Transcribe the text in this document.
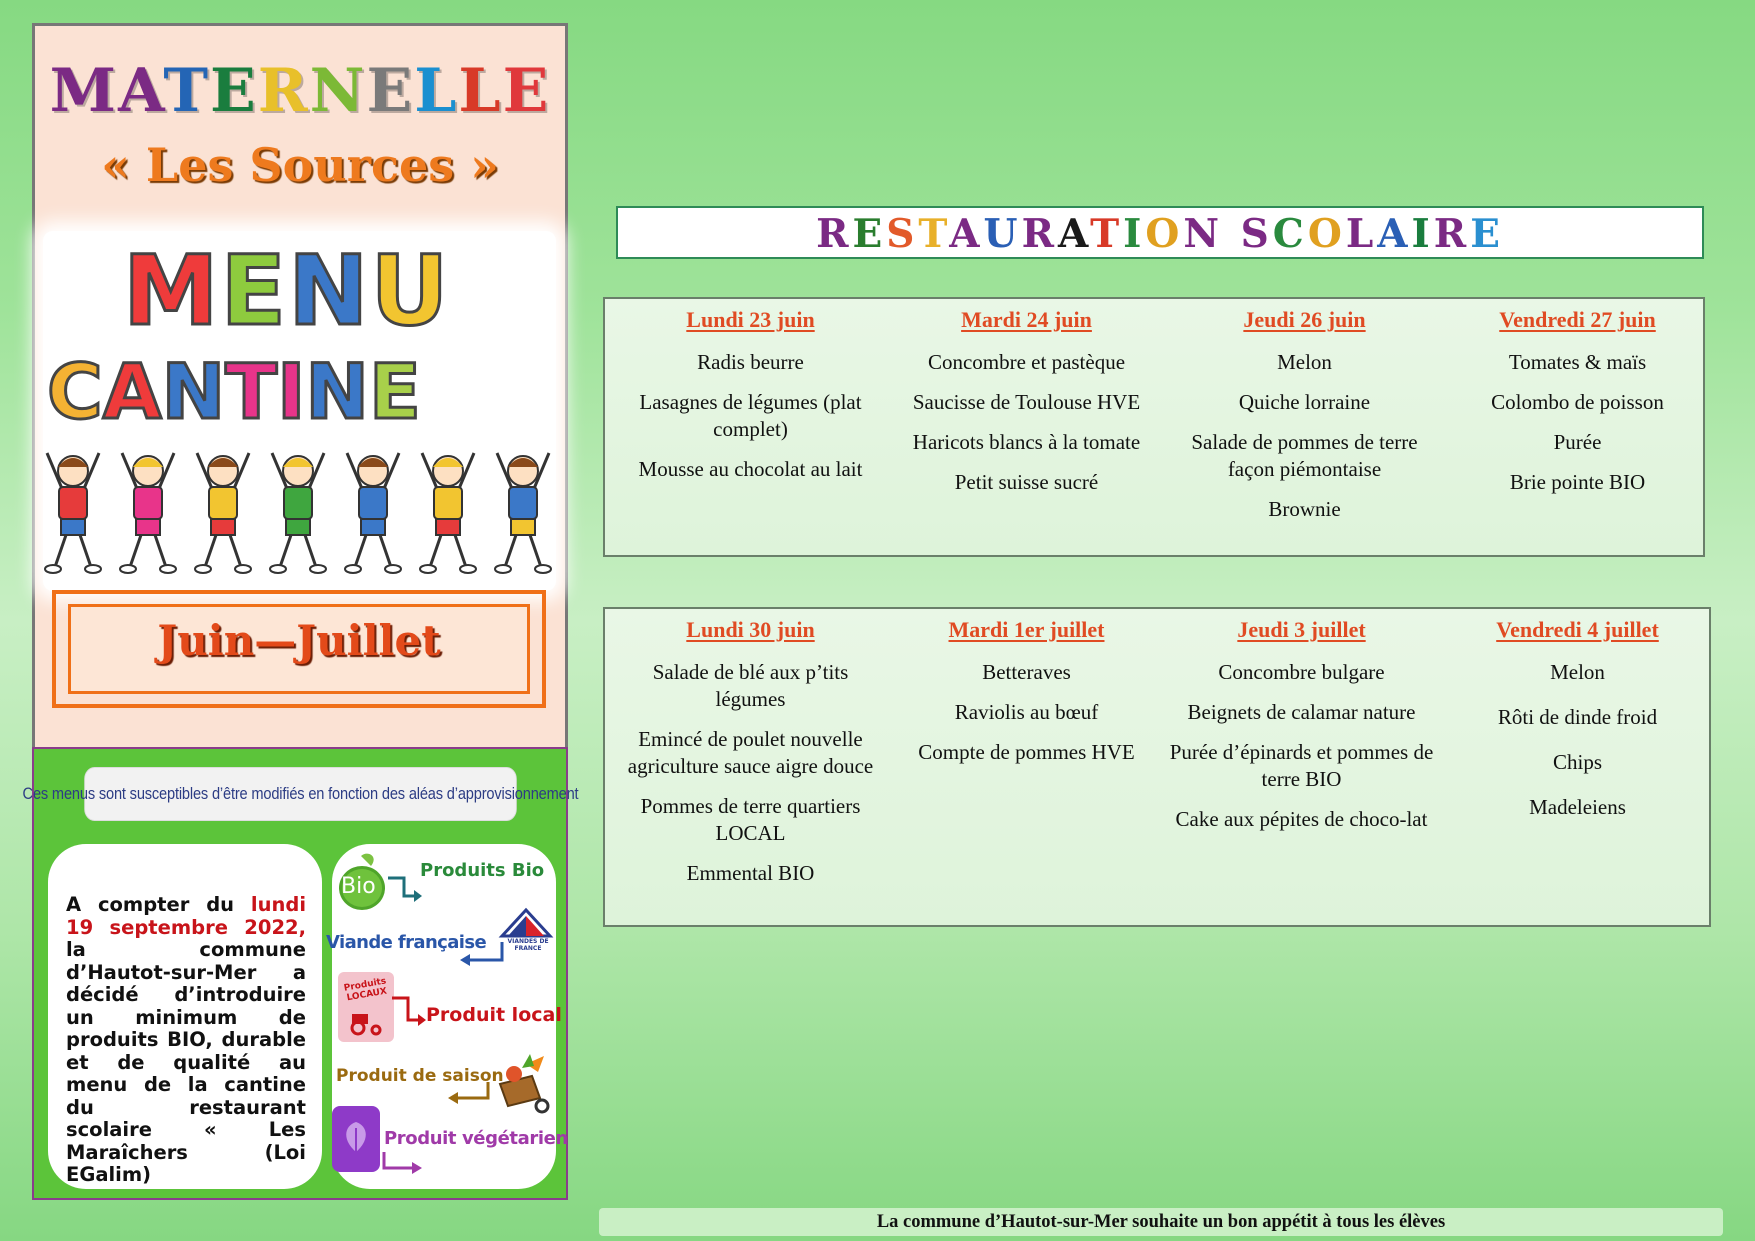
MATERNELLE
« Les Sources »
M E N U
C A N T I N E
Juin—Juillet
Ces menus sont susceptibles d’être modifiés en fonction des aléas d’approvisionnement
A compter du lundi 19 septembre 2022, la commune d’Hautot-sur-Mer a décidé d’introduire un minimum de produits BIO, durable et de qualité au menu de la cantine du restaurant scolaire « Les Maraîchers (Loi EGalim)
Bio
Produits Bio
Viande française	VIANDES DE FRANCE
Produits LOCAUX
Produit local
Produit de saison
Produit végétarien
RESTAURATION SCOLAIRE
Lundi 23 juin
Radis beurre
Lasagnes de légumes (plat complet)
Mousse au chocolat au lait
Mardi 24 juin
Concombre et pastèque
Saucisse de Toulouse HVE
Haricots blancs à la tomate
Petit suisse sucré
Jeudi 26 juin
Melon
Quiche lorraine
Salade de pommes de terre façon piémontaise
Brownie
Vendredi 27 juin
Tomates & maïs
Colombo de poisson
Purée
Brie pointe BIO
Lundi 30 juin
Salade de blé aux p’tits légumes
Emincé de poulet nouvelle agriculture sauce aigre douce
Pommes de terre quartiers LOCAL
Emmental BIO
Mardi 1er juillet
Betteraves
Raviolis au bœuf
Compte de pommes HVE
Jeudi 3 juillet
Concombre bulgare
Beignets de calamar nature
Purée d’épinards et pommes de terre BIO
Cake aux pépites de choco-lat
Vendredi 4 juillet
Melon
Rôti de dinde froid
Chips
Madeleiens
La commune d’Hautot-sur-Mer souhaite un bon appétit à tous les élèves
